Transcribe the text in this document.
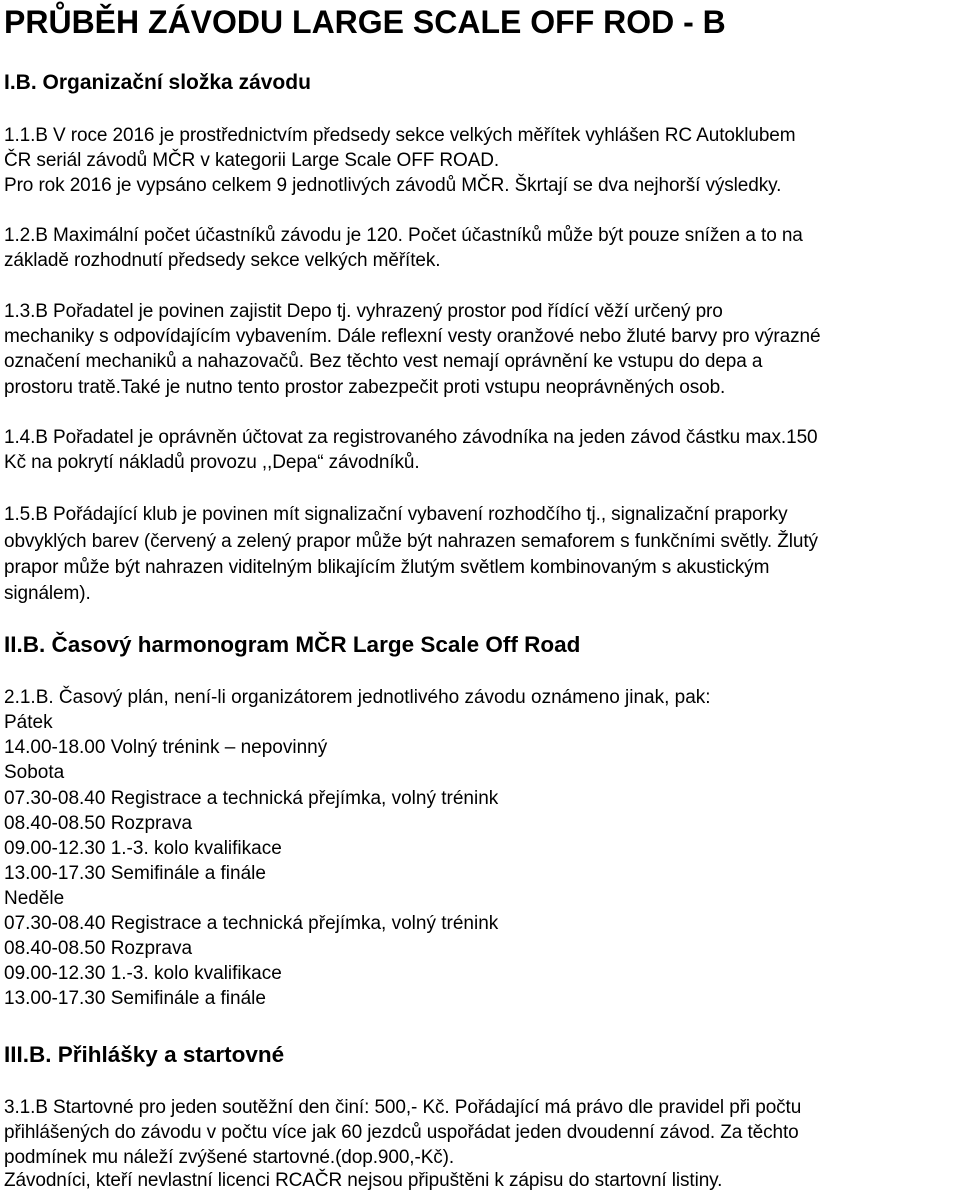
PRŮBĚH ZÁVODU LARGE SCALE OFF ROD - B
I.B. Organizační složka závodu
1.1.B V roce 2016 je prostřednictvím předsedy sekce velkých měřítek vyhlášen RC Autoklubem
ČR seriál závodů MČR v kategorii Large Scale OFF ROAD.
Pro rok 2016 je vypsáno celkem 9 jednotlivých závodů MČR. Škrtají se dva nejhorší výsledky.
1.2.B Maximální počet účastníků závodu je 120. Počet účastníků může být pouze snížen a to na
základě rozhodnutí předsedy sekce velkých měřítek.
1.3.B Pořadatel je povinen zajistit Depo tj. vyhrazený prostor pod řídící věží určený pro
mechaniky s odpovídajícím vybavením. Dále reflexní vesty oranžové nebo žluté barvy pro výrazné
označení mechaniků a nahazovačů. Bez těchto vest nemají oprávnění ke vstupu do depa a
prostoru tratě.Také je nutno tento prostor zabezpečit proti vstupu neoprávněných osob.
1.4.B Pořadatel je oprávněn účtovat za registrovaného závodníka na jeden závod částku max.150
Kč na pokrytí nákladů provozu ,,Depa“ závodníků.
1.5.B Pořádající klub je povinen mít signalizační vybavení rozhodčího tj., signalizační praporky
obvyklých barev (červený a zelený prapor může být nahrazen semaforem s funkčními světly. Žlutý
prapor může být nahrazen viditelným blikajícím žlutým světlem kombinovaným s akustickým
signálem).
II.B. Časový harmonogram MČR Large Scale Off Road
2.1.B. Časový plán, není-li organizátorem jednotlivého závodu oznámeno jinak, pak:
Pátek
14.00-18.00 Volný trénink – nepovinný
Sobota
07.30-08.40 Registrace a technická přejímka, volný trénink
08.40-08.50 Rozprava
09.00-12.30 1.-3. kolo kvalifikace
13.00-17.30 Semifinále a finále
Neděle
07.30-08.40 Registrace a technická přejímka, volný trénink
08.40-08.50 Rozprava
09.00-12.30 1.-3. kolo kvalifikace
13.00-17.30 Semifinále a finále
III.B. Přihlášky a startovné
3.1.B Startovné pro jeden soutěžní den činí: 500,- Kč. Pořádající má právo dle pravidel při počtu
přihlášených do závodu v počtu více jak 60 jezdců uspořádat jeden dvoudenní závod. Za těchto
podmínek mu náleží zvýšené startovné.(dop.900,-Kč).
Závodníci, kteří nevlastní licenci RCAČR nejsou připuštěni k zápisu do startovní listiny.
